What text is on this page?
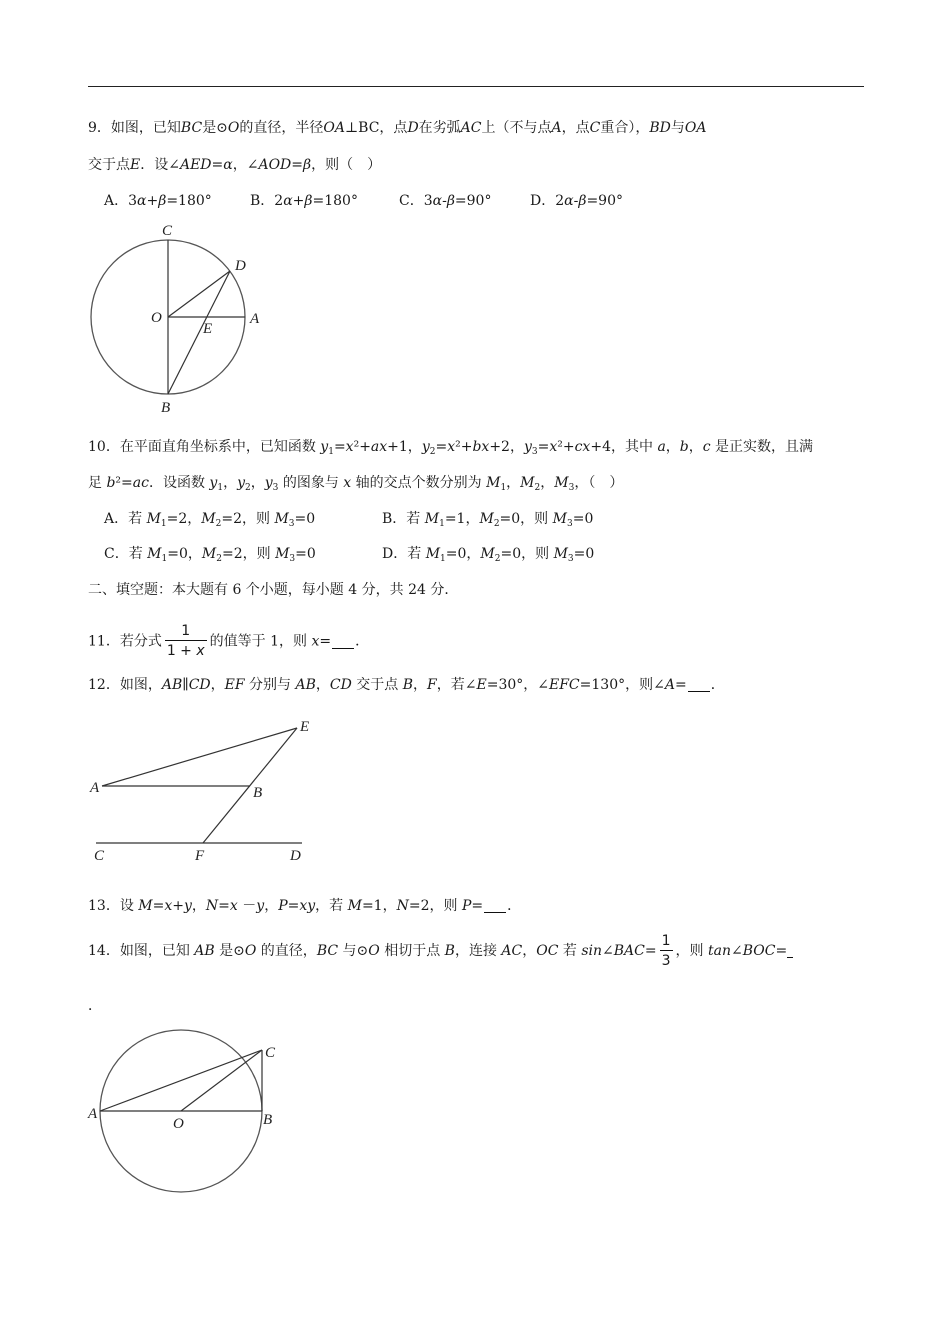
9．如图，已知BC是⊙O的直径，半径OA⊥BC，点D在劣弧AC上（不与点A，点C重合），BD与OA
交于点E．设∠AED=α，∠AOD=β，则（　）
A．3α+β=180°	B．2α+β=180°	C．3α-β=90°	D．2α-β=90°
C
D
O
E
A
B
10．在平面直角坐标系中，已知函数 $y_1=x^2+ax+1$，$y_2=x^2+bx+2$，$y_3=x^2+cx+4$，其中 a，b，c 是正实数，且满
足 b²=ac．设函数 $y_1$，$y_2$，$y_3$ 的图象与 x 轴的交点个数分别为 $M_1$，$M_2$，$M_3$，（　）
A．若 $M_1=2$，$M_2=2$，则 $M_3=0$	B．若 $M_1=1$，$M_2=0$，则 $M_3=0$
C．若 $M_1=0$，$M_2=2$，则 $M_3=0$	D．若 $M_1=0$，$M_2=0$，则 $M_3=0$
二、填空题：本大题有 6 个小题，每小题 4 分，共 24 分．
11．若分式 $\frac{1}{1 + x}$ 的值等于 1，则 x= ．
12．如图，AB∥CD，EF 分别与 AB，CD 交于点 B，F，若∠E=30°，∠EFC=130°，则∠A= ．
E
A	B
C	F	D
13．设 M=x+y，N=x －y，P=xy，若 M=1，N=2，则 P= ．
14．如图，已知 AB 是⊙O 的直径，BC 与⊙O 相切于点 B，连接 AC，OC 若 sin∠BAC= $\frac{1}{3}$ ，则 tan∠BOC=
．
C
A
O	B
